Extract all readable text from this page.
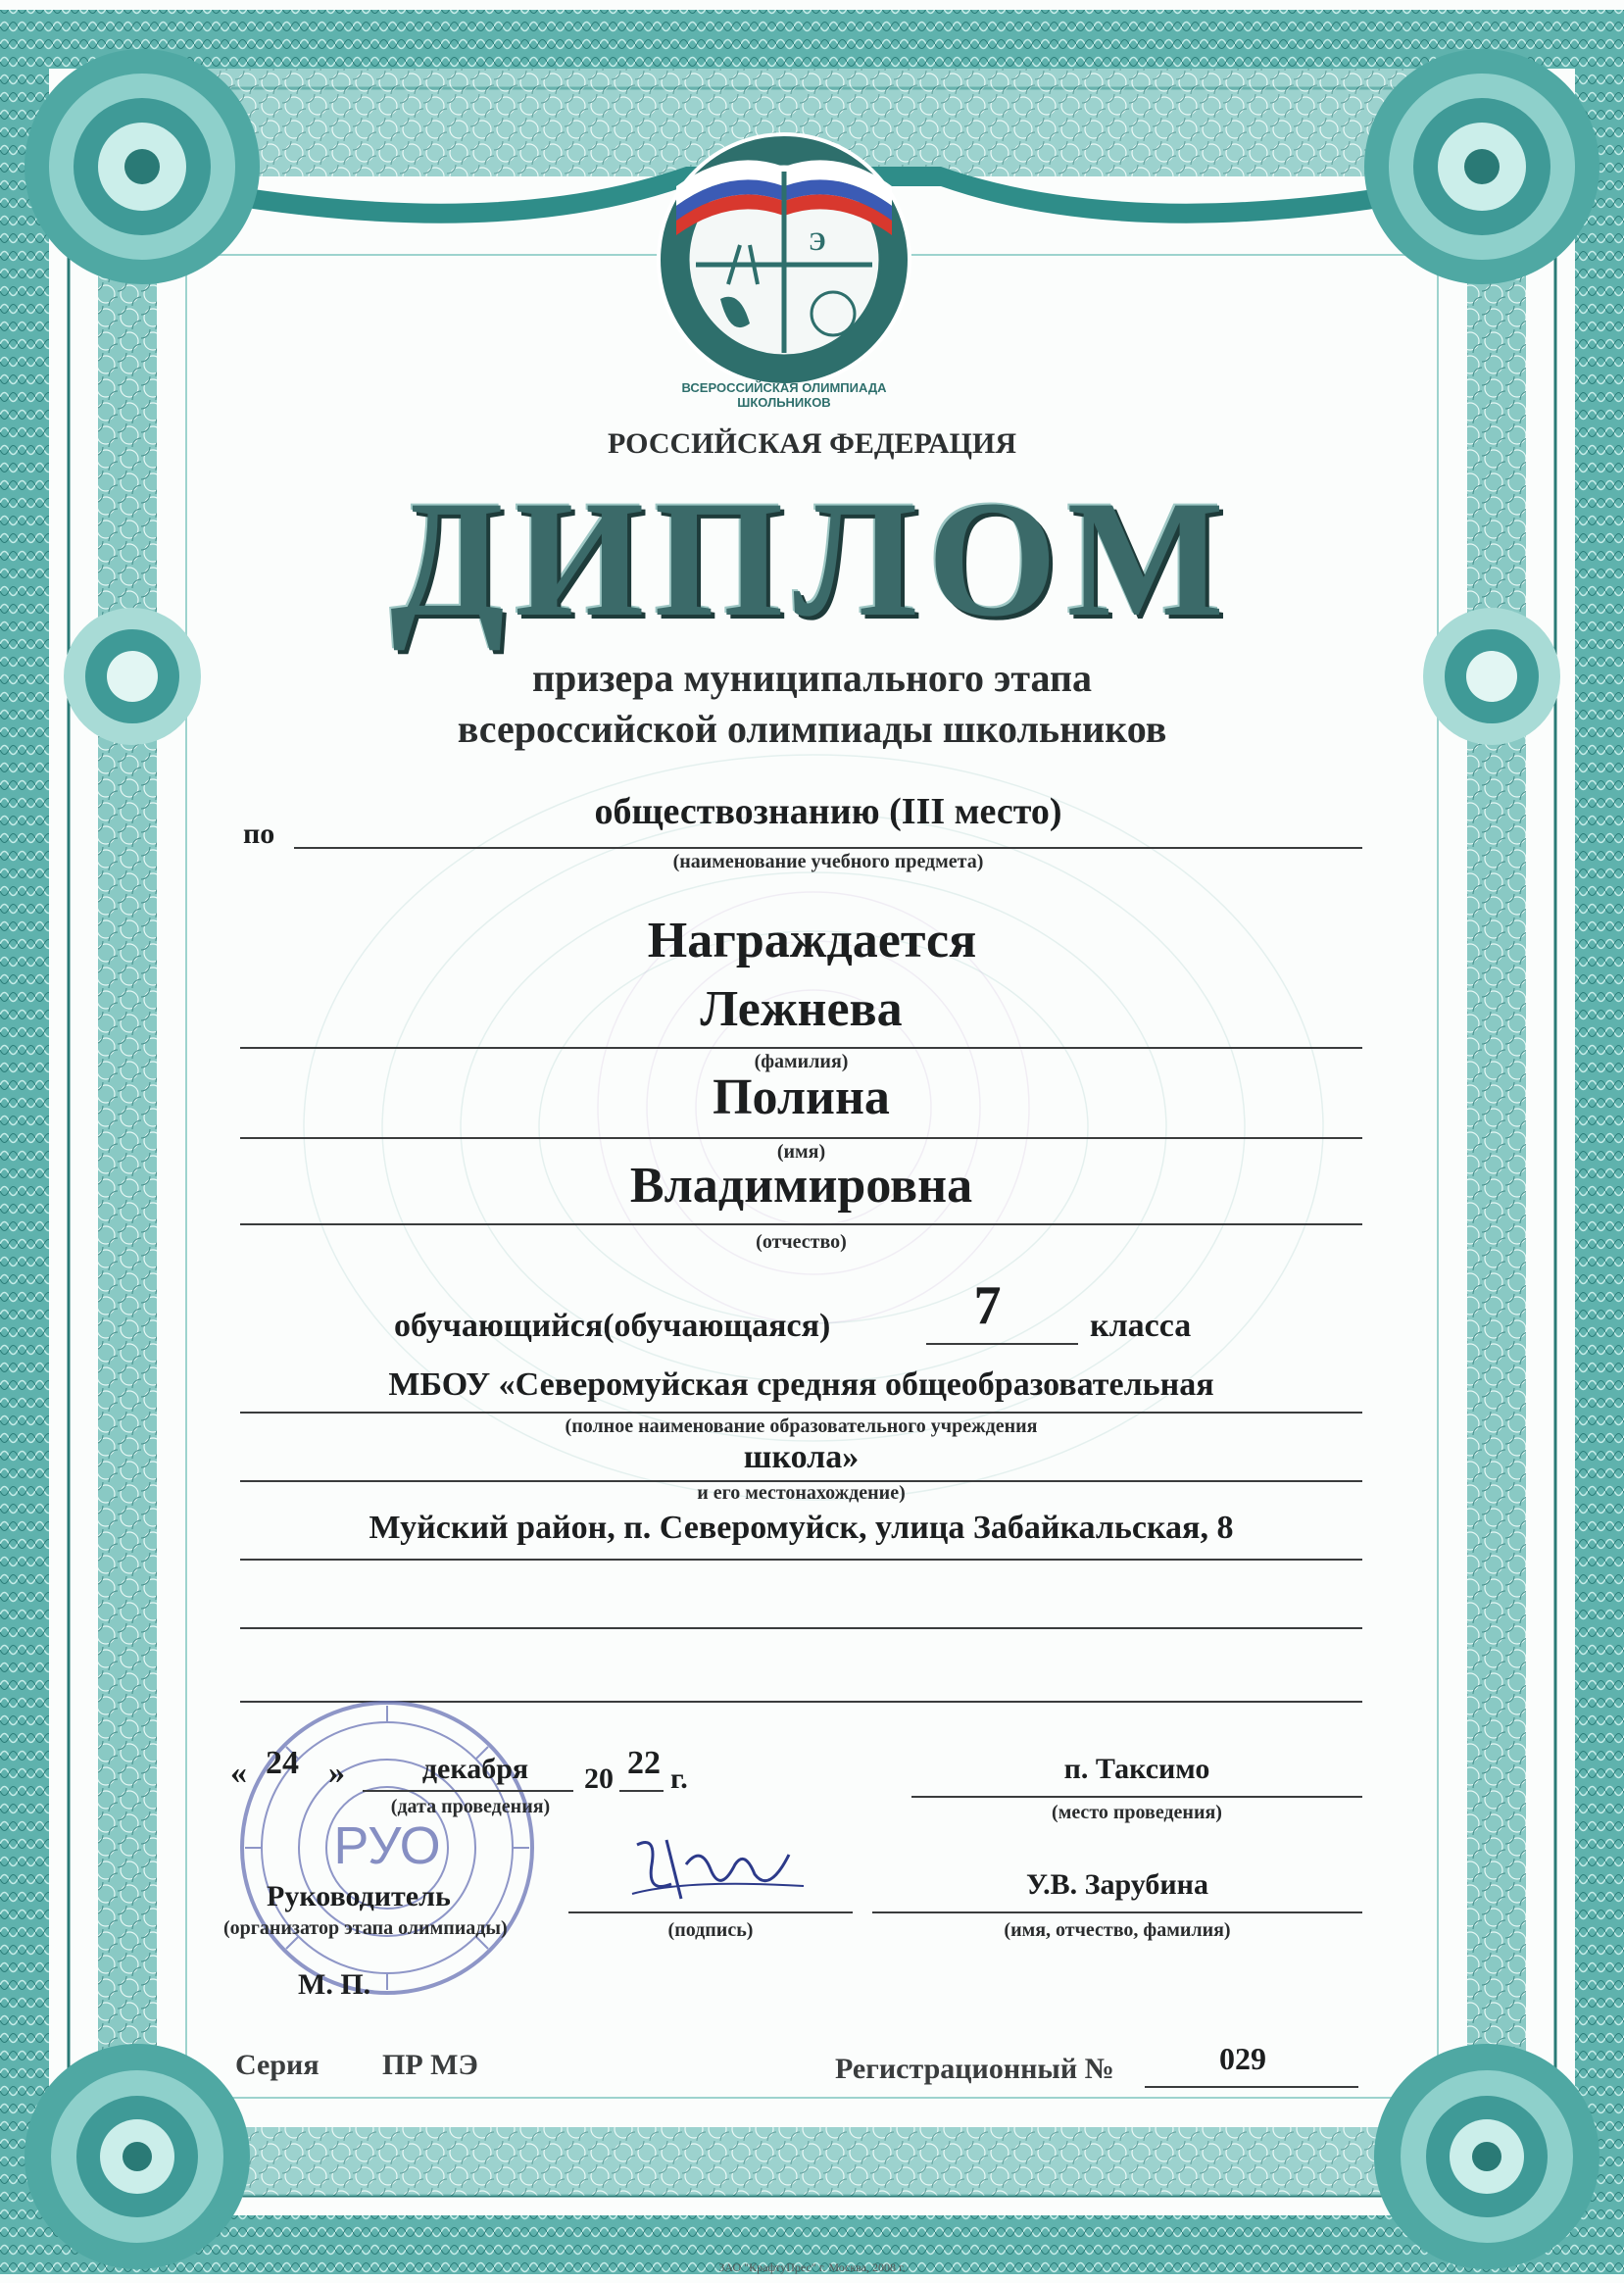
Э
ВСЕРОССИЙСКАЯ ОЛИМПИАДА ШКОЛЬНИКОВ
РОССИЙСКАЯ ФЕДЕРАЦИЯ
ДИПЛОМ
призера муниципального этапа
всероссийской олимпиады школьников
по
обществознанию (III место)
(наименование учебного предмета)
Награждается
Лежнева
(фамилия)
Полина
(имя)
Владимировна
(отчество)
обучающийся(обучающаяся)	7	класса
МБОУ «Северомуйская средняя общеобразовательная
(полное наименование образовательного учреждения
школа»
и его местонахождение)
Муйский район, п. Северомуйск, улица Забайкальская, 8
РУО
« 24 »	декабря
(дата проведения)
20 22 г.	п. Таксимо
(место проведения)
Руководитель
(организатор этапа олимпиады)	(подпись)
У.В. Зарубина
(имя, отчество, фамилия)
М. П.
Серия ПР МЭ	Регистрационный №	029
ЗАО "КрафтуПрес" г. Москва, 2008 г.
